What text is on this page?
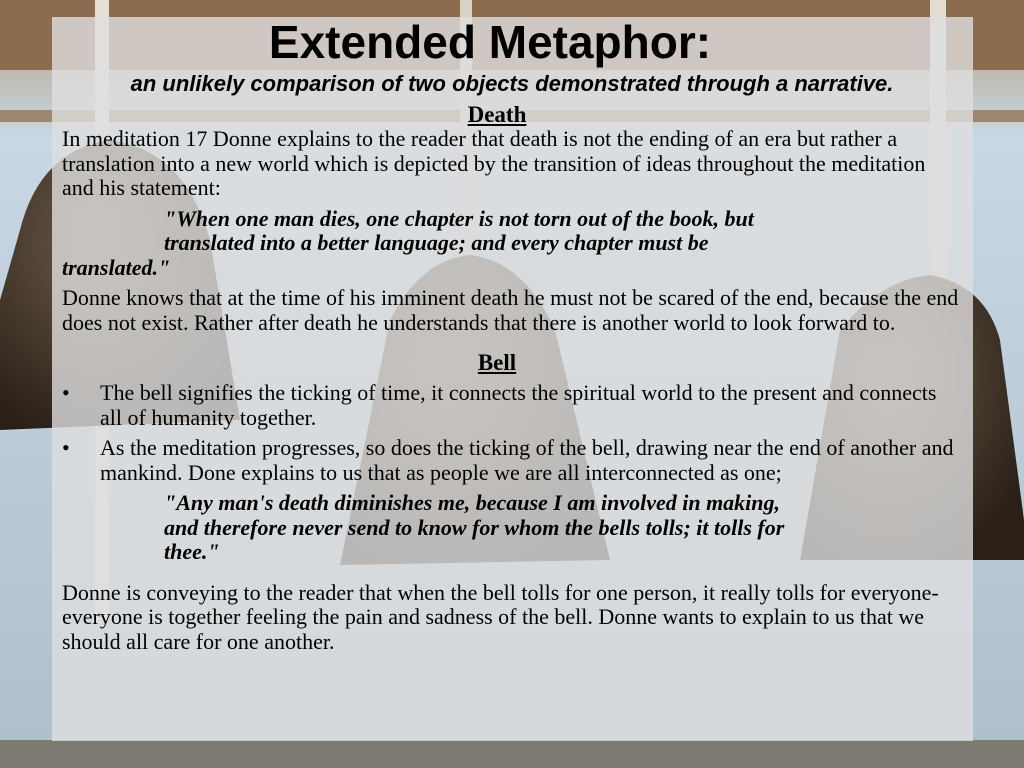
Extended Metaphor:
an unlikely comparison of two objects demonstrated through a narrative.
Death

In meditation 17 Donne explains to the reader that death is not the ending of an era but rather a translation into a new world which is depicted by the transition of ideas throughout the meditation and his statement:

"When one man dies, one chapter is not torn out of the book, but
translated into a better language; and every chapter must be
translated."

Donne knows that at the time of his imminent death he must not be scared of the end, because the end does not exist. Rather after death he understands that there is another world to look forward to.

Bell
• The bell signifies the ticking of time, it connects the spiritual world to the present and connects all of humanity together.
• As the meditation progresses, so does the ticking of the bell, drawing near the end of another and mankind. Done explains to us that as people we are all interconnected as one;
"Any man's death diminishes me, because I am involved in making,
and therefore never send to know for whom the bells tolls; it tolls for
thee."

Donne is conveying to the reader that when the bell tolls for one person, it really tolls for everyone- everyone is together feeling the pain and sadness of the bell. Donne wants to explain to us that we should all care for one another.
